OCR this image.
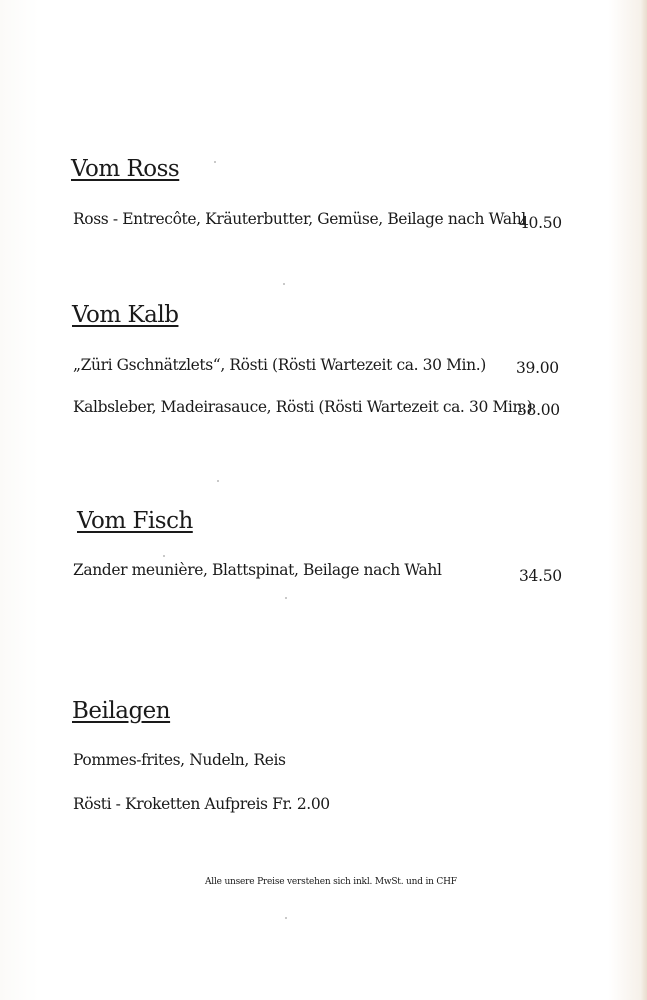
Vom Ross
Ross - Entrecôte, Kräuterbutter, Gemüse, Beilage nach Wahl
40.50
Vom Kalb
„Züri Gschnätzlets“, Rösti (Rösti Wartezeit ca. 30 Min.) 39.00
Kalbsleber, Madeirasauce, Rösti (Rösti Wartezeit ca. 30 Min.)
38.00
Vom Fisch
Zander meunière, Blattspinat, Beilage nach Wahl	34.50
Beilagen
Pommes-frites, Nudeln, Reis
Rösti - Kroketten Aufpreis Fr. 2.00
Alle unsere Preise verstehen sich inkl. MwSt. und in CHF
